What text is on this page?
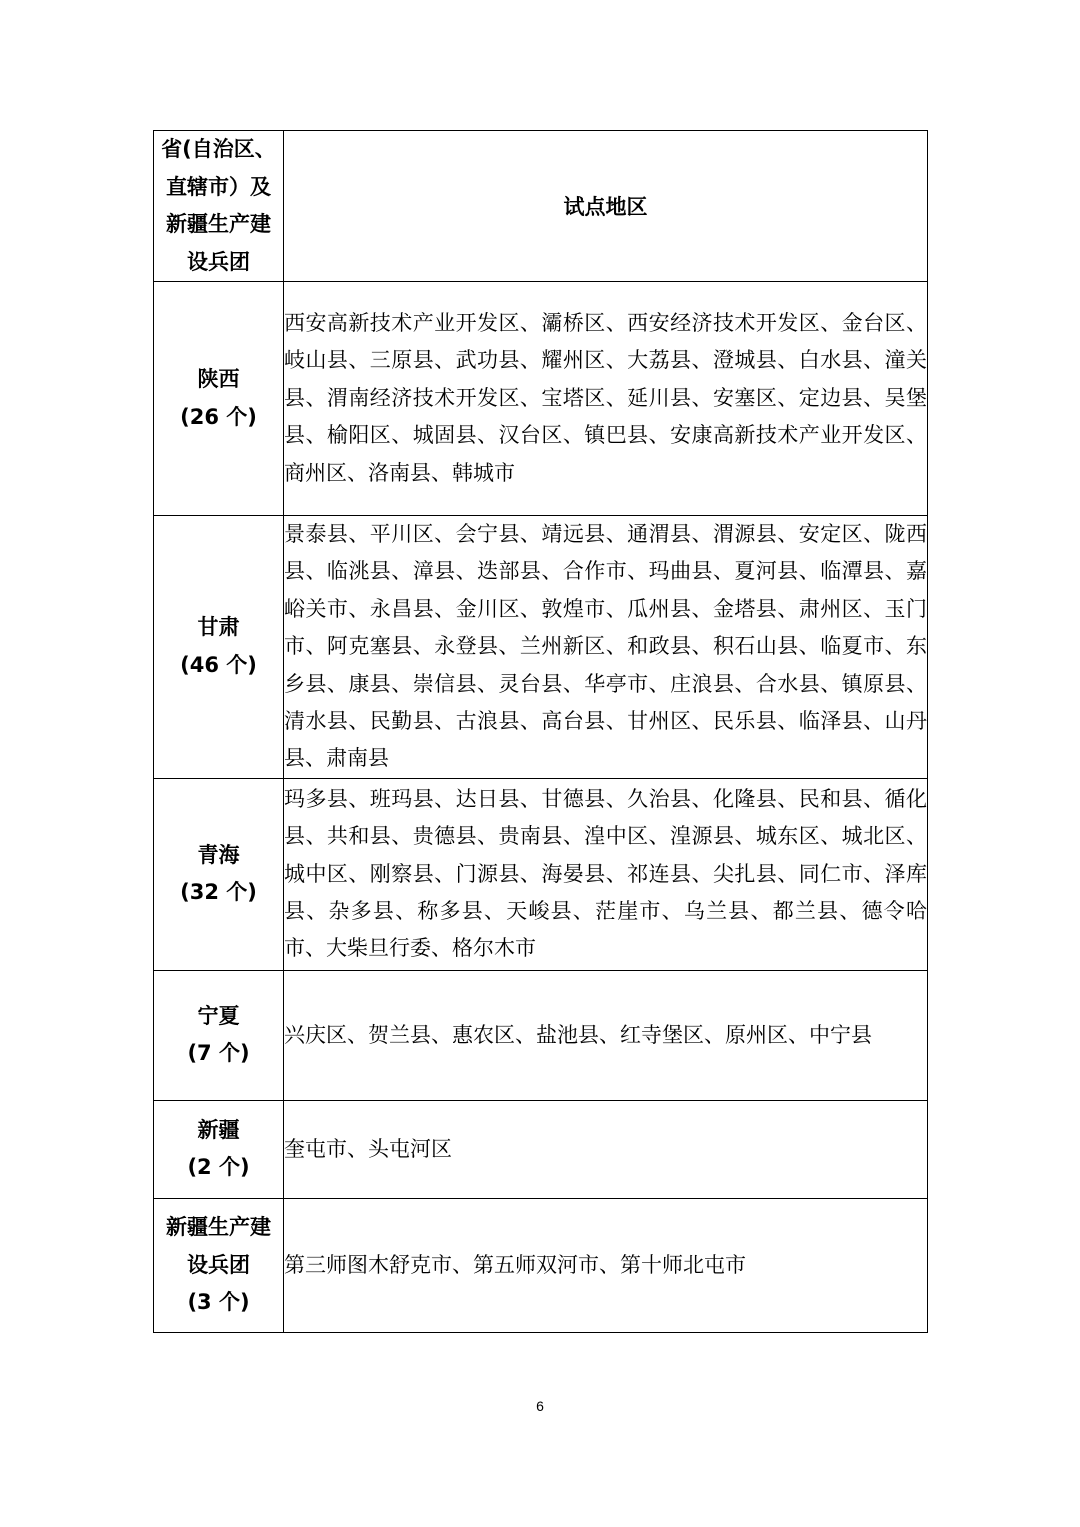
省(自治区、
直辖市）及
新疆生产建
设兵团	试点地区

陕西
(26 个)	西安高新技术产业开发区、灞桥区、西安经济技术开发区、金台区、岐山县、三原县、武功县、耀州区、大荔县、澄城县、白水县、潼关县、渭南经济技术开发区、宝塔区、延川县、安塞区、定边县、吴堡县、榆阳区、城固县、汉台区、镇巴县、安康高新技术产业开发区、商州区、洛南县、韩城市

甘肃
(46 个)	景泰县、平川区、会宁县、靖远县、通渭县、渭源县、安定区、陇西县、临洮县、漳县、迭部县、合作市、玛曲县、夏河县、临潭县、嘉峪关市、永昌县、金川区、敦煌市、瓜州县、金塔县、肃州区、玉门市、阿克塞县、永登县、兰州新区、和政县、积石山县、临夏市、东乡县、康县、崇信县、灵台县、华亭市、庄浪县、合水县、镇原县、清水县、民勤县、古浪县、高台县、甘州区、民乐县、临泽县、山丹县、肃南县

青海
(32 个)	玛多县、班玛县、达日县、甘德县、久治县、化隆县、民和县、循化县、共和县、贵德县、贵南县、湟中区、湟源县、城东区、城北区、城中区、刚察县、门源县、海晏县、祁连县、尖扎县、同仁市、泽库县、杂多县、称多县、天峻县、茫崖市、乌兰县、都兰县、德令哈市、大柴旦行委、格尔木市

宁夏
(7 个)	兴庆区、贺兰县、惠农区、盐池县、红寺堡区、原州区、中宁县

新疆
(2 个)	奎屯市、头屯河区

新疆生产建
设兵团
(3 个)	第三师图木舒克市、第五师双河市、第十师北屯市
6
